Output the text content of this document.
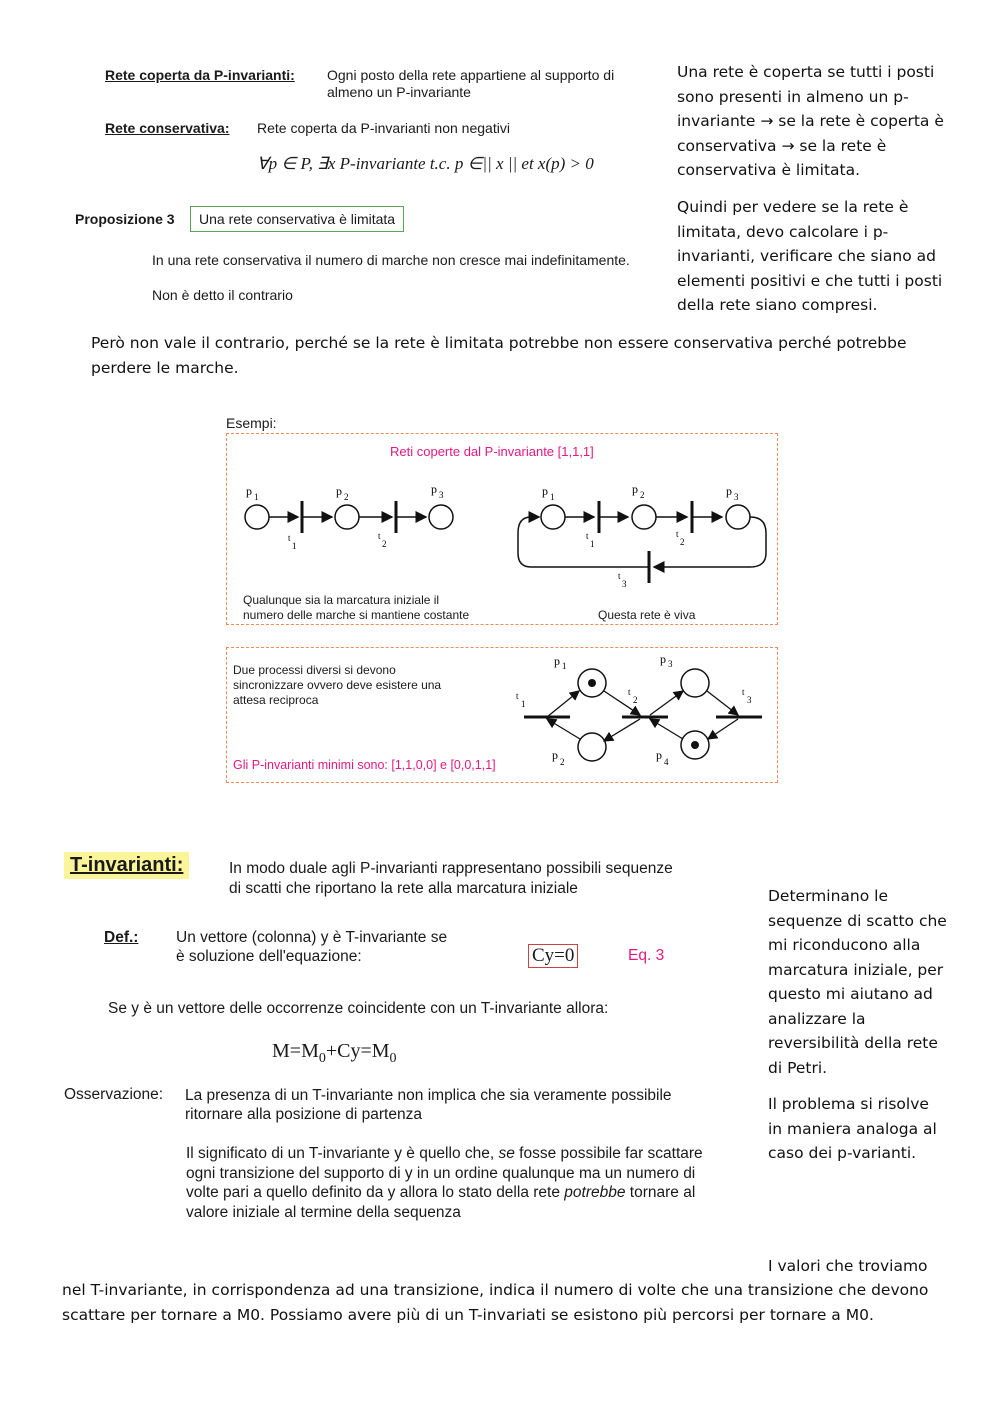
Rete coperta da P-invarianti: Ogni posto della rete appartiene al supporto di almeno un P-invariante
Rete conservativa: Rete coperta da P-invarianti non negativi
∀p ∈ P, ∃x P-invariante t.c. p ∈|| x || et x(p) > 0
Proposizione 3	Una rete conservativa è limitata
In una rete conservativa il numero di marche non cresce mai indefinitamente.
Non è detto il contrario
Una rete è coperta se tutti i posti sono presenti in almeno un p-invariante → se la rete è coperta è conservativa → se la rete è conservativa è limitata.
Quindi per vedere se la rete è limitata, devo calcolare i p-invarianti, verificare che siano ad elementi positivi e che tutti i posti della rete siano compresi.
Però non vale il contrario, perché se la rete è limitata potrebbe non essere conservativa perché potrebbe perdere le marche.
Esempi:
Reti coperte dal P-invariante [1,1,1]
p 1	p 2
p 3
t
1
t
2
p 1
p 2	p 3
t
1
t
2
t
3
Qualunque sia la marcatura iniziale il numero delle marche si mantiene costante	Questa rete è viva
Due processi diversi si devono sincronizzare ovvero deve esistere una attesa reciproca
Gli P-invarianti minimi sono: [1,1,0,0] e [0,0,1,1]
p 1	p 3
p 2	p 4
t
1
t
2
t
3
T-invarianti:	In modo duale agli P-invarianti rappresentano possibili sequenze di scatti che riportano la rete alla marcatura iniziale
Def.: Un vettore (colonna) y è T-invariante se è soluzione dell'equazione:	Cy=0	Eq. 3
Se y è un vettore delle occorrenze coincidente con un T-invariante allora:
$M=M_0+Cy=M_0$
Osservazione: La presenza di un T-invariante non implica che sia veramente possibile ritornare alla posizione di partenza
Il significato di un T-invariante y è quello che, se fosse possibile far scattare ogni transizione del supporto di y in un ordine qualunque ma un numero di volte pari a quello definito da y allora lo stato della rete potrebbe tornare al valore iniziale al termine della sequenza
Determinano le sequenze di scatto che mi riconducono alla marcatura iniziale, per questo mi aiutano ad analizzare la reversibilità della rete di Petri.
Il problema si risolve in maniera analoga al caso dei p-varianti.
I valori che troviamo
nel T-invariante, in corrispondenza ad una transizione, indica il numero di volte che una transizione che devono scattare per tornare a M0. Possiamo avere più di un T-invariati se esistono più percorsi per tornare a M0.
